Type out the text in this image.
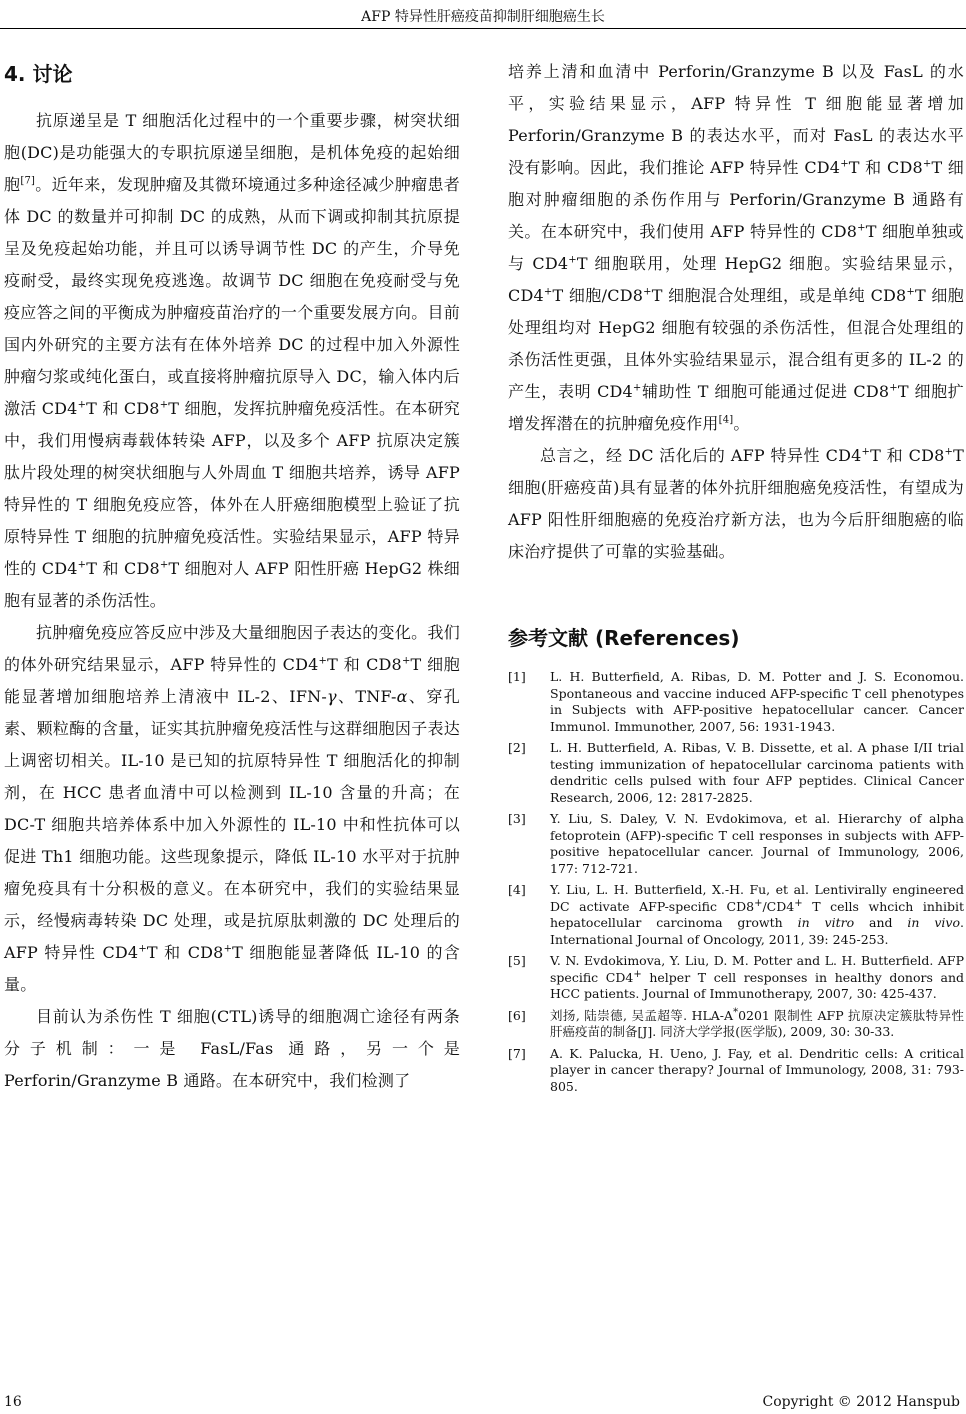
AFP 特异性肝癌疫苗抑制肝细胞癌生长
4. 讨论

抗原递呈是 T 细胞活化过程中的一个重要步骤，树突状细胞(DC)是功能强大的专职抗原递呈细胞，是机体免疫的起始细胞[7]。近年来，发现肿瘤及其微环境通过多种途径减少肿瘤患者体 DC 的数量并可抑制 DC 的成熟，从而下调或抑制其抗原提呈及免疫起始功能，并且可以诱导调节性 DC 的产生，介导免疫耐受，最终实现免疫逃逸。故调节 DC 细胞在免疫耐受与免疫应答之间的平衡成为肿瘤疫苗治疗的一个重要发展方向。目前国内外研究的主要方法有在体外培养 DC 的过程中加入外源性肿瘤匀浆或纯化蛋白，或直接将肿瘤抗原导入 DC，输入体内后激活 CD4+T 和 CD8+T 细胞，发挥抗肿瘤免疫活性。在本研究中，我们用慢病毒载体转染 AFP，以及多个 AFP 抗原决定簇肽片段处理的树突状细胞与人外周血 T 细胞共培养，诱导 AFP 特异性的 T 细胞免疫应答，体外在人肝癌细胞模型上验证了抗原特异性 T 细胞的抗肿瘤免疫活性。实验结果显示，AFP 特异性的 CD4+T 和 CD8+T 细胞对人 AFP 阳性肝癌 HepG2 株细胞有显著的杀伤活性。

抗肿瘤免疫应答反应中涉及大量细胞因子表达的变化。我们的体外研究结果显示，AFP 特异性的 CD4+T 和 CD8+T 细胞能显著增加细胞培养上清液中 IL-2、IFN-γ、TNF-α、穿孔素、颗粒酶的含量，证实其抗肿瘤免疫活性与这群细胞因子表达上调密切相关。IL-10 是已知的抗原特异性 T 细胞活化的抑制剂，在 HCC 患者血清中可以检测到 IL-10 含量的升高；在 DC-T 细胞共培养体系中加入外源性的 IL-10 中和性抗体可以促进 Th1 细胞功能。这些现象提示，降低 IL-10 水平对于抗肿瘤免疫具有十分积极的意义。在本研究中，我们的实验结果显示，经慢病毒转染 DC 处理，或是抗原肽刺激的 DC 处理后的 AFP 特异性 CD4+T 和 CD8+T 细胞能显著降低 IL-10 的含量。

目前认为杀伤性 T 细胞(CTL)诱导的细胞凋亡途径有两条分子机制：一是 FasL/Fas 通路，另一个是 Perforin/Granzyme B 通路。在本研究中，我们检测了

培养上清和血清中 Perforin/Granzyme B 以及 FasL 的水平，实验结果显示，AFP 特异性 T 细胞能显著增加 Perforin/Granzyme B 的表达水平，而对 FasL 的表达水平没有影响。因此，我们推论 AFP 特异性 CD4+T 和 CD8+T 细胞对肿瘤细胞的杀伤作用与 Perforin/Granzyme B 通路有关。在本研究中，我们使用 AFP 特异性的 CD8+T 细胞单独或与 CD4+T 细胞联用，处理 HepG2 细胞。实验结果显示，CD4+T 细胞/CD8+T 细胞混合处理组，或是单纯 CD8+T 细胞处理组均对 HepG2 细胞有较强的杀伤活性，但混合处理组的杀伤活性更强，且体外实验结果显示，混合组有更多的 IL-2 的产生，表明 CD4+辅助性 T 细胞可能通过促进 CD8+T 细胞扩增发挥潜在的抗肿瘤免疫作用[4]。

总言之，经 DC 活化后的 AFP 特异性 CD4+T 和 CD8+T 细胞(肝癌疫苗)具有显著的体外抗肝细胞癌免疫活性，有望成为 AFP 阳性肝细胞癌的免疫治疗新方法，也为今后肝细胞癌的临床治疗提供了可靠的实验基础。

参考文献 (References)
[1] L. H. Butterfield, A. Ribas, D. M. Potter and J. S. Economou. Spontaneous and vaccine induced AFP-specific T cell phenotypes in Subjects with AFP-positive hepatocellular cancer. Cancer Immunol. Immunother, 2007, 56: 1931-1943.
[2] L. H. Butterfield, A. Ribas, V. B. Dissette, et al. A phase I/II trial testing immunization of hepatocellular carcinoma patients with dendritic cells pulsed with four AFP peptides. Clinical Cancer Research, 2006, 12: 2817-2825.
[3] Y. Liu, S. Daley, V. N. Evdokimova, et al. Hierarchy of alpha fetoprotein (AFP)-specific T cell responses in subjects with AFP-positive hepatocellular cancer. Journal of Immunology, 2006, 177: 712-721.
[4] Y. Liu, L. H. Butterfield, X.-H. Fu, et al. Lentivirally engineered DC activate AFP-specific CD8+/CD4+ T cells whcich inhibit hepatocellular carcinoma growth in vitro and in vivo. International Journal of Oncology, 2011, 39: 245-253.
[5] V. N. Evdokimova, Y. Liu, D. M. Potter and L. H. Butterfield. AFP specific CD4+ helper T cell responses in healthy donors and HCC patients. Journal of Immunotherapy, 2007, 30: 425-437.
[6] 刘扬, 陆崇德, 吴孟超等. HLA-A*0201 限制性 AFP 抗原决定簇肽特异性肝癌疫苗的制备[J]. 同济大学学报(医学版), 2009, 30: 30-33.
[7] A. K. Palucka, H. Ueno, J. Fay, et al. Dendritic cells: A critical player in cancer therapy? Journal of Immunology, 2008, 31: 793-805.
16	Copyright © 2012 Hanspub
